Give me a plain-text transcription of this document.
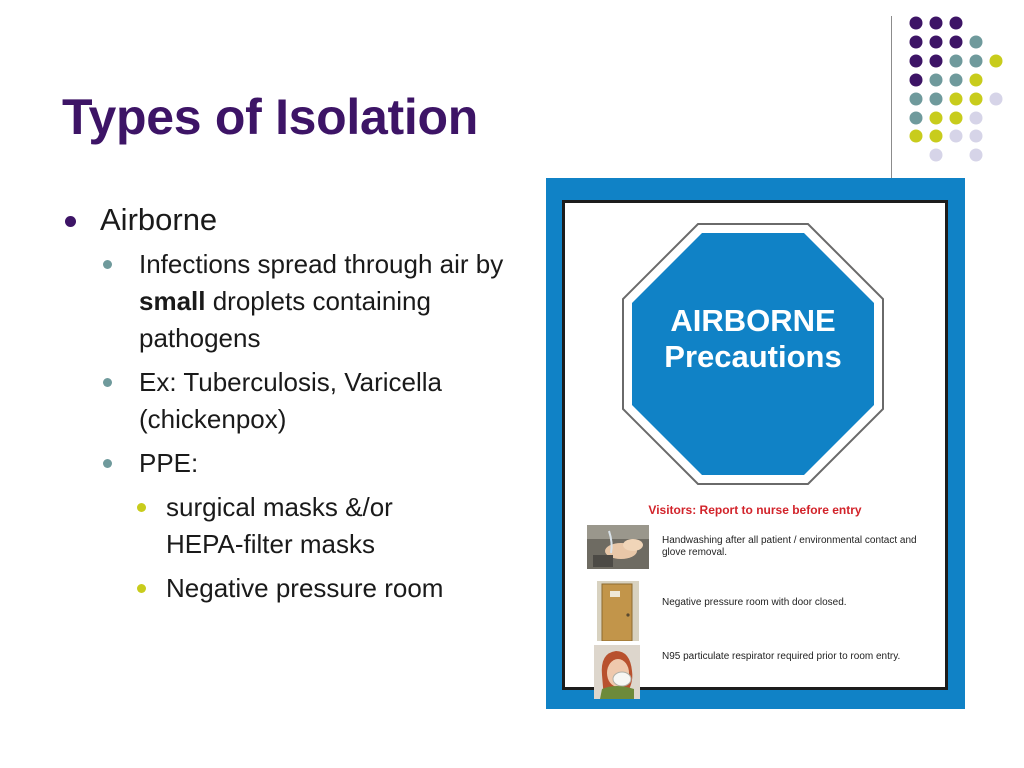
Types of Isolation
Airborne
Infections spread through air by small droplets containing pathogens
Ex: Tuberculosis, Varicella (chickenpox)
PPE:
surgical masks &/or HEPA-filter masks
Negative pressure room
AIRBORNE
Precautions
Visitors: Report to nurse before entry
Handwashing after all patient / environmental contact and glove removal.
Negative pressure room with door closed.
N95 particulate respirator required prior to room entry.
